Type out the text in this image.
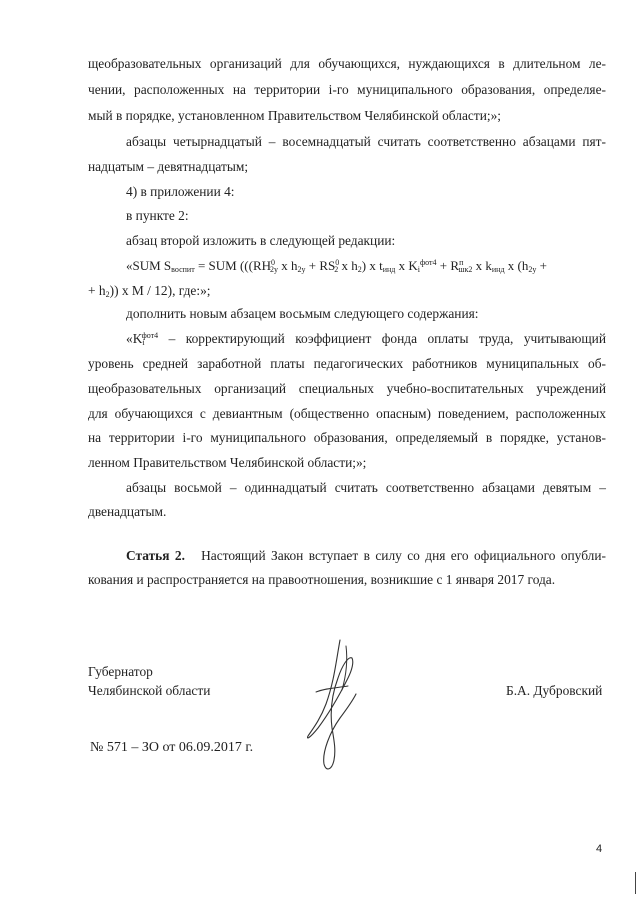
щеобразовательных организаций для обучающихся, нуждающихся в длительном ле-
чении, расположенных на территории i-го муниципального образования, определяе-
мый в порядке, установленном Правительством Челябинской области;»;
абзацы четырнадцатый – восемнадцатый считать соответственно абзацами пят-
надцатым – девятнадцатым;
4) в приложении 4:
в пункте 2:
абзац второй изложить в следующей редакции:
«SUM $S_{воспит}$ = SUM ((($RH^0_{2y}$ x $h_{2y} + RS^0_2$ x $h_2$) x $t_{инд}$ x $K_i^{фот4} + R^п_{шк2}$ x $k_{инд}$ x ($h_{2y}$ +
+ $h_2$)) x M / 12), где:»;
дополнить новым абзацем восьмым следующего содержания:
«$K_i^{фот4}$ – корректирующий коэффициент фонда оплаты труда, учитывающий
уровень средней заработной платы педагогических работников муниципальных об-
щеобразовательных организаций специальных учебно-воспитательных учреждений
для обучающихся с девиантным (общественно опасным) поведением, расположенных
на территории i-го муниципального образования, определяемый в порядке, установ-
ленном Правительством Челябинской области;»;
абзацы восьмой – одиннадцатый считать соответственно абзацами девятым –
двенадцатым.
Статья 2. Настоящий Закон вступает в силу со дня его официального опубли-
кования и распространяется на правоотношения, возникшие с 1 января 2017 года.
Губернатор
Челябинской области	Б.А. Дубровский
№ 571 – ЗО от 06.09.2017 г.
4
